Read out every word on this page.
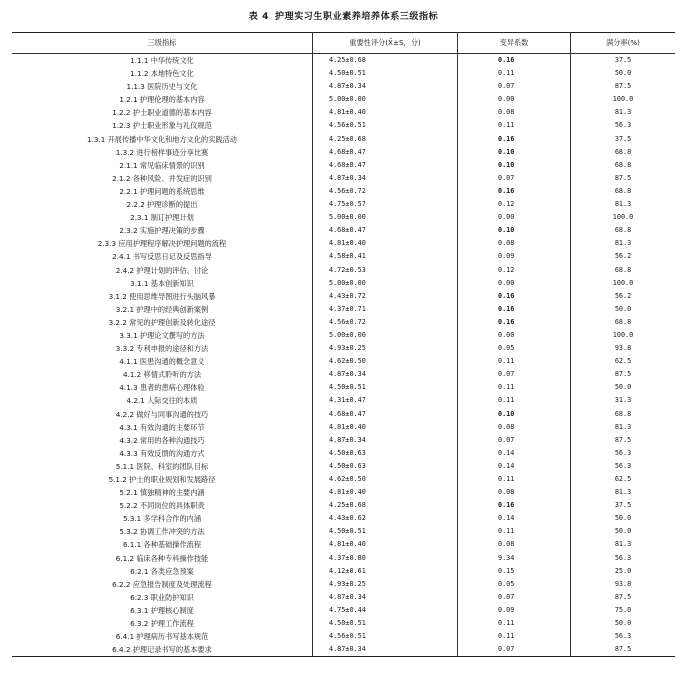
表 4 护理实习生职业素养培养体系三级指标
三级指标	重要性评分(X̄±S，分)	变异系数	满分率(%)
1.1.1 中华传统文化	4.25±0.68	0.16	37.5
1.1.2 本地特色文化	4.50±0.51	0.11	50.0
1.1.3 医院历史与文化	4.87±0.34	0.07	87.5
1.2.1 护理伦理的基本内容	5.00±0.00	0.00	100.0
1.2.2 护士职业道德的基本内容	4.81±0.40	0.08	81.3
1.2.3 护士职业形象与礼仪规范	4.56±0.51	0.11	56.3
1.3.1 开展传播中华文化和地方文化的实践活动	4.25±0.68	0.16	37.5
1.3.2 进行榜样事迹分享比赛	4.68±0.47	0.10	68.8
2.1.1 常见临床情景的识别	4.68±0.47	0.10	68.8
2.1.2 各种风险、并发症的识别	4.87±0.34	0.07	87.5
2.2.1 护理问题的系统思维	4.56±0.72	0.16	68.8
2.2.2 护理诊断的提出	4.75±0.57	0.12	81.3
2.3.1 制订护理计划	5.00±0.00	0.00	100.0
2.3.2 实施护理决策的步骤	4.68±0.47	0.10	68.8
2.3.3 应用护理程序解决护理问题的流程	4.81±0.40	0.08	81.3
2.4.1 书写反思日记及反思指导	4.58±0.41	0.09	56.2
2.4.2 护理计划的评估、讨论	4.72±0.53	0.12	68.8
3.1.1 基本创新知识	5.00±0.00	0.00	100.0
3.1.2 使用思维导图进行头脑风暴	4.43±0.72	0.16	56.2
3.2.1 护理中的经典创新案例	4.37±0.71	0.16	50.0
3.2.2 常见的护理创新及转化途径	4.56±0.72	0.16	68.8
3.3.1 护理论文撰写的方法	5.00±0.00	0.00	100.0
3.3.2 专利申报的途径和方法	4.93±0.25	0.05	93.8
4.1.1 医患沟通的概念意义	4.62±0.50	0.11	62.5
4.1.2 移情式聆听的方法	4.87±0.34	0.07	87.5
4.1.3 患者的患病心理体验	4.50±0.51	0.11	50.0
4.2.1 人际交往的本质	4.31±0.47	0.11	31.3
4.2.2 做好与同事沟通的技巧	4.68±0.47	0.10	68.8
4.3.1 有效沟通的主要环节	4.81±0.40	0.08	81.3
4.3.2 常用的各种沟通技巧	4.87±0.34	0.07	87.5
4.3.3 有效反馈的沟通方式	4.50±0.63	0.14	56.3
5.1.1 医院、科室的团队目标	4.50±0.63	0.14	56.3
5.1.2 护士的职业规划和发展路径	4.62±0.50	0.11	62.5
5.2.1 慎独精神的主要内涵	4.81±0.40	0.08	81.3
5.2.2 不同岗位的具体职责	4.25±0.68	0.16	37.5
5.3.1 多学科合作的内涵	4.43±0.62	0.14	50.0
5.3.2 协调工作冲突的方法	4.50±0.51	0.11	50.0
6.1.1 各种基础操作流程	4.81±0.40	0.08	81.3
6.1.2 临床各种专科操作技能	4.37±0.80	9.34	56.3
6.2.1 各类应急预案	4.12±0.61	0.15	25.0
6.2.2 应急报告制度及处理流程	4.93±0.25	0.05	93.8
6.2.3 职业防护知识	4.87±0.34	0.07	87.5
6.3.1 护理核心制度	4.75±0.44	0.09	75.0
6.3.2 护理工作流程	4.50±0.51	0.11	50.0
6.4.1 护理病历书写基本规范	4.56±0.51	0.11	56.3
6.4.2 护理记录书写的基本要求	4.87±0.34	0.07	87.5
